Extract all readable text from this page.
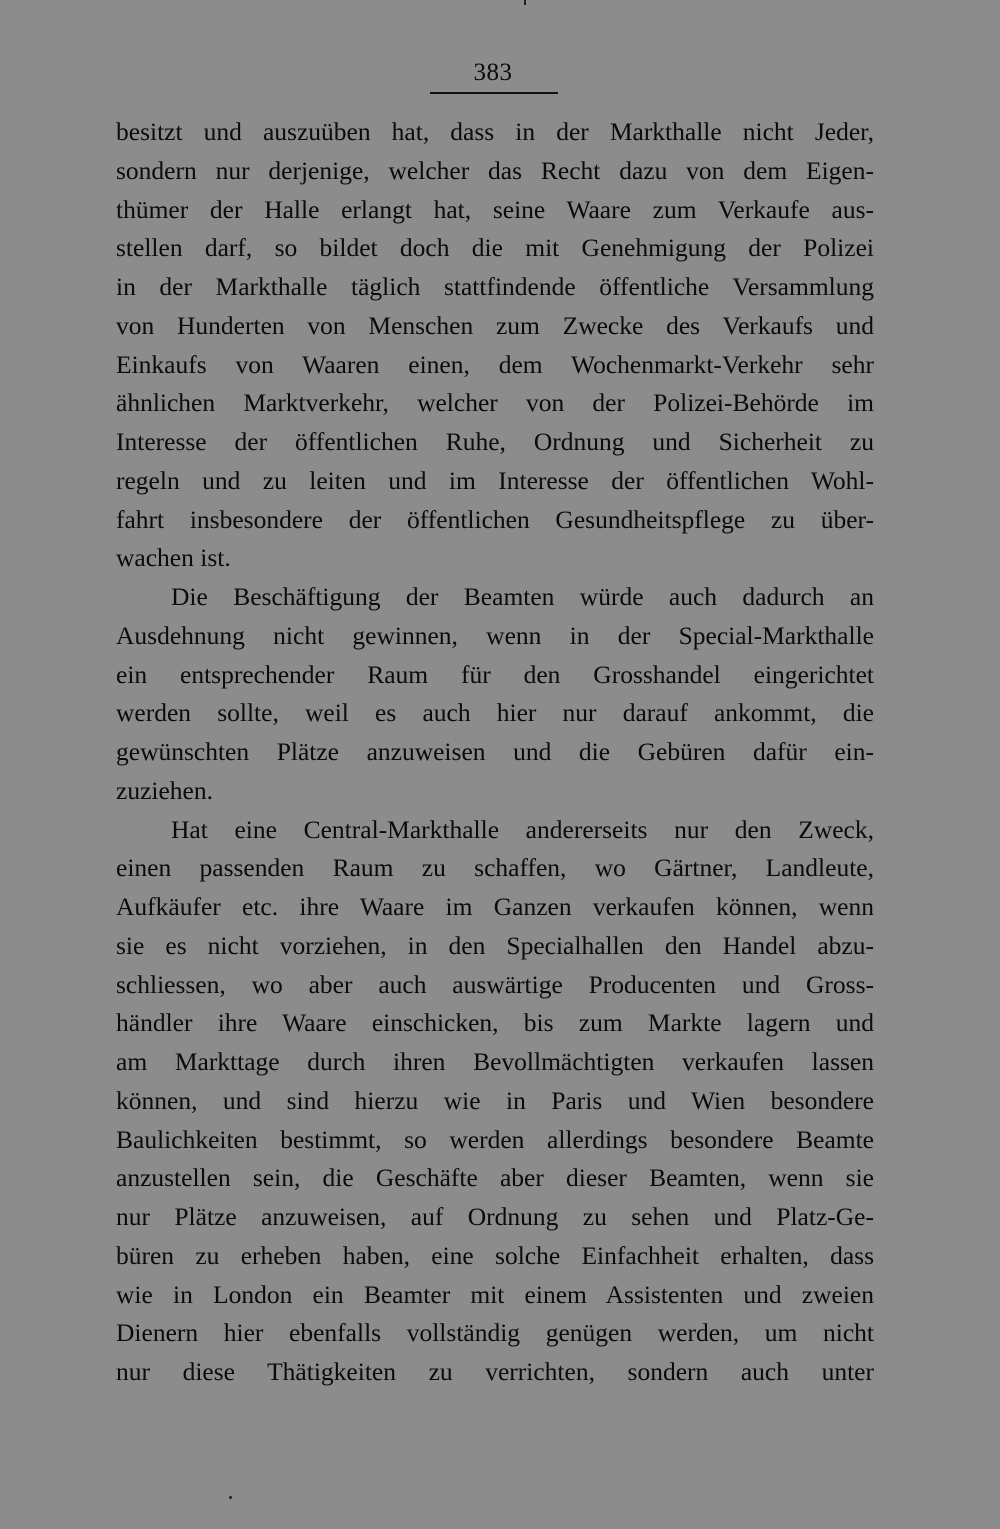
383
besitzt und auszuüben hat, dass in der Markthalle nicht Jeder,
sondern nur derjenige, welcher das Recht dazu von dem Eigen-
thümer der Halle erlangt hat, seine Waare zum Verkaufe aus-
stellen darf, so bildet doch die mit Genehmigung der Polizei
in der Markthalle täglich stattfindende öffentliche Versammlung
von Hunderten von Menschen zum Zwecke des Verkaufs und
Einkaufs von Waaren einen, dem Wochenmarkt-Verkehr sehr
ähnlichen Marktverkehr, welcher von der Polizei-Behörde im
Interesse der öffentlichen Ruhe, Ordnung und Sicherheit zu
regeln und zu leiten und im Interesse der öffentlichen Wohl-
fahrt insbesondere der öffentlichen Gesundheitspflege zu über-
wachen ist.
Die Beschäftigung der Beamten würde auch dadurch an
Ausdehnung nicht gewinnen, wenn in der Special-Markthalle
ein entsprechender Raum für den Grosshandel eingerichtet
werden sollte, weil es auch hier nur darauf ankommt, die
gewünschten Plätze anzuweisen und die Gebüren dafür ein-
zuziehen.
Hat eine Central-Markthalle andererseits nur den Zweck,
einen passenden Raum zu schaffen, wo Gärtner, Landleute,
Aufkäufer etc. ihre Waare im Ganzen verkaufen können, wenn
sie es nicht vorziehen, in den Specialhallen den Handel abzu-
schliessen, wo aber auch auswärtige Producenten und Gross-
händler ihre Waare einschicken, bis zum Markte lagern und
am Markttage durch ihren Bevollmächtigten verkaufen lassen
können, und sind hierzu wie in Paris und Wien besondere
Baulichkeiten bestimmt, so werden allerdings besondere Beamte
anzustellen sein, die Geschäfte aber dieser Beamten, wenn sie
nur Plätze anzuweisen, auf Ordnung zu sehen und Platz-Ge-
büren zu erheben haben, eine solche Einfachheit erhalten, dass
wie in London ein Beamter mit einem Assistenten und zweien
Dienern hier ebenfalls vollständig genügen werden, um nicht
nur diese Thätigkeiten zu verrichten, sondern auch unter
